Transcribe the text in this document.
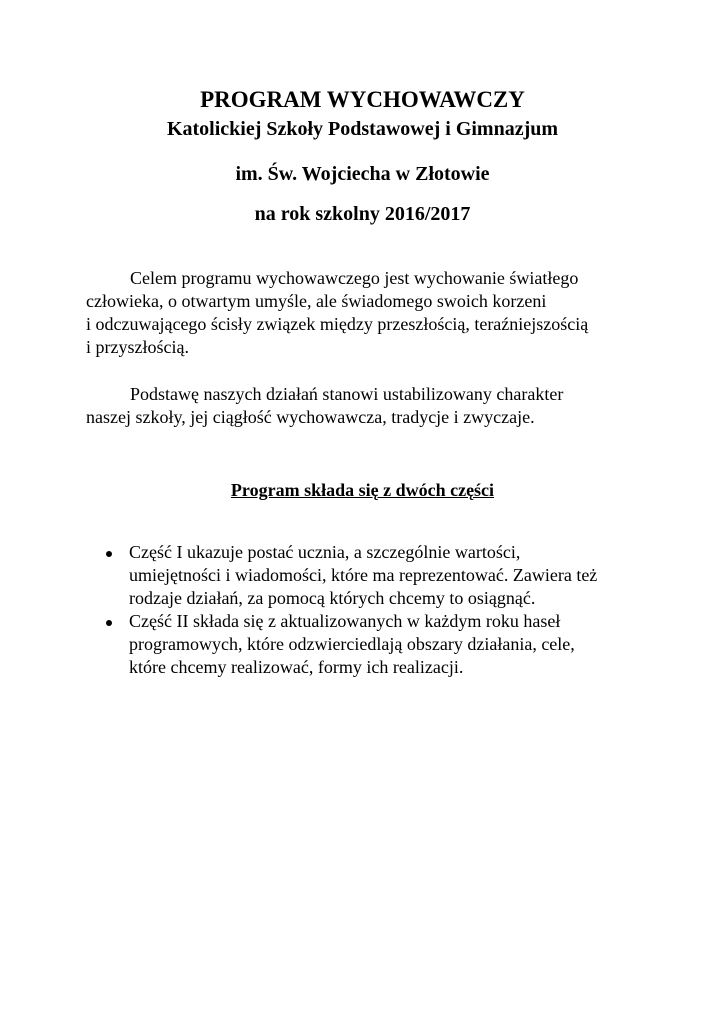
PROGRAM WYCHOWAWCZY
Katolickiej Szkoły Podstawowej i Gimnazjum
im. Św. Wojciecha w Złotowie
na rok szkolny 2016/2017
Celem programu wychowawczego jest wychowanie światłego
człowieka, o otwartym umyśle, ale świadomego swoich korzeni
i odczuwającego ścisły związek między przeszłością, teraźniejszością
i przyszłością.
Podstawę naszych działań stanowi ustabilizowany charakter
naszej szkoły, jej ciągłość wychowawcza, tradycje i zwyczaje.
Program składa się z dwóch części
Część I ukazuje postać ucznia, a szczególnie wartości,
umiejętności i wiadomości, które ma reprezentować. Zawiera też
rodzaje działań, za pomocą których chcemy to osiągnąć.
Część II składa się z aktualizowanych w każdym roku haseł
programowych, które odzwierciedlają obszary działania, cele,
które chcemy realizować, formy ich realizacji.
